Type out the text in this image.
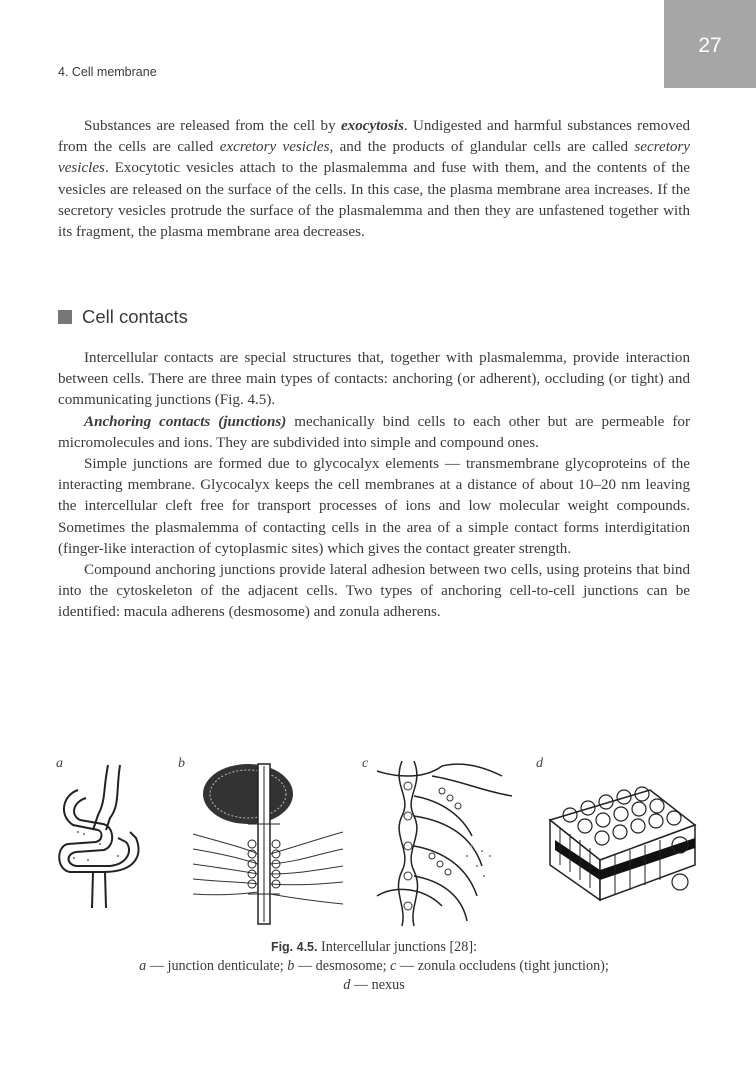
27
4. Cell membrane

Substances are released from the cell by exocytosis. Undigested and harmful substances removed from the cells are called excretory vesicles, and the products of glandular cells are called secretory vesicles. Exocytotic vesicles attach to the plasmalemma and fuse with them, and the contents of the vesicles are released on the surface of the cells. In this case, the plasma membrane area increases. If the secretory vesicles protrude the surface of the plasmalemma and then they are unfastened together with its fragment, the plasma membrane area decreases.

Cell contacts

Intercellular contacts are special structures that, together with plasmalemma, provide interaction between cells. There are three main types of contacts: anchoring (or adherent), occluding (or tight) and communicating junctions (Fig. 4.5).

Anchoring contacts (junctions) mechanically bind cells to each other but are permeable for micromolecules and ions. They are subdivided into simple and compound ones.

Simple junctions are formed due to glycocalyx elements — transmembrane glycoproteins of the interacting membrane. Glycocalyx keeps the cell membranes at a distance of about 10–20 nm leaving the intercellular cleft free for transport processes of ions and low molecular weight compounds. Sometimes the plasmalemma of contacting cells in the area of a simple contact forms interdigitation (finger-like interaction of cytoplasmic sites) which gives the contact greater strength.

Compound anchoring junctions provide lateral adhesion between two cells, using proteins that bind into the cytoskeleton of the adjacent cells. Two types of anchoring cell-to-cell junctions can be identified: macula adherens (desmosome) and zonula adherens.

a	b	c	d
Fig. 4.5. Intercellular junctions [28]:
a — junction denticulate; b — desmosome; c — zonula occludens (tight junction);
d — nexus
